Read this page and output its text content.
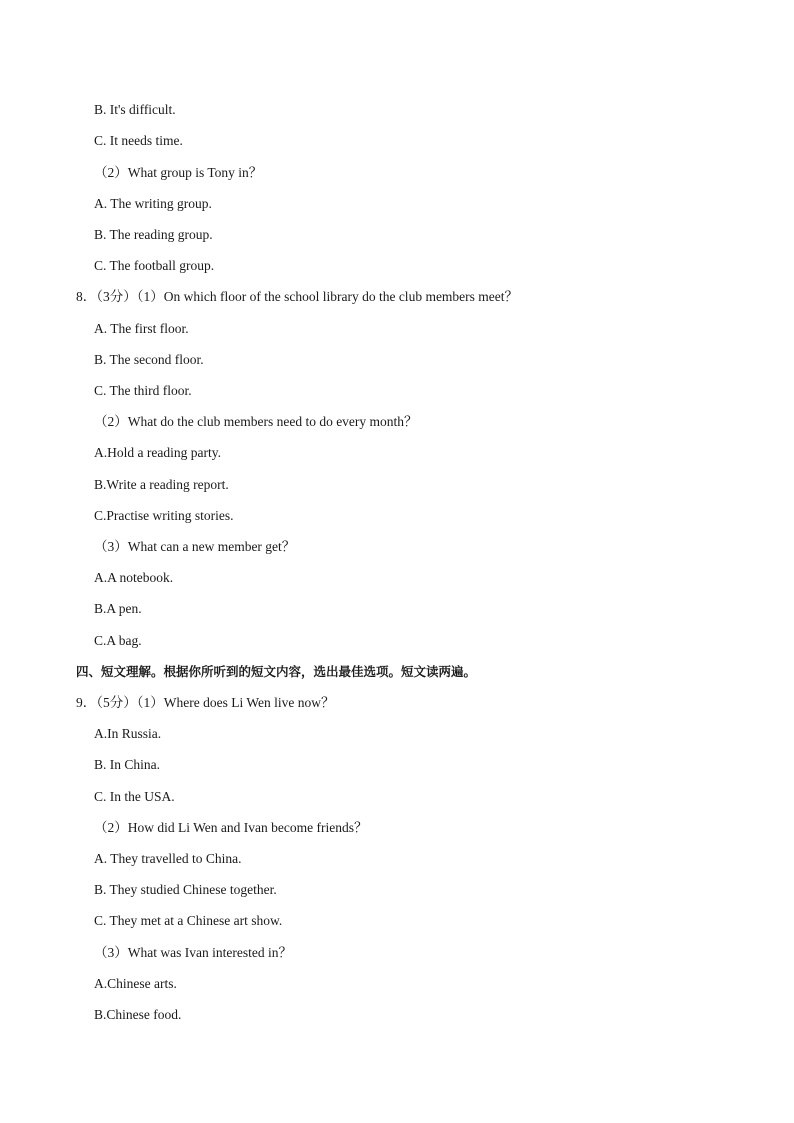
B. It's difficult.
C. It needs time.
（2）What group is Tony in？
A. The writing group.
B. The reading group.
C. The football group.
8．（3分）（1）On which floor of the school library do the club members meet？
A. The first floor.
B. The second floor.
C. The third floor.
（2）What do the club members need to do every month？
A.Hold a reading party.
B.Write a reading report.
C.Practise writing stories.
（3）What can a new member get？
A.A notebook.
B.A pen.
C.A bag.
四、短文理解。根据你所听到的短文内容，选出最佳选项。短文读两遍。
9．（5分）（1）Where does Li Wen live now？
A.In Russia.
B. In China.
C. In the USA.
（2）How did Li Wen and Ivan become friends？
A. They travelled to China.
B. They studied Chinese together.
C. They met at a Chinese art show.
（3）What was Ivan interested in？
A.Chinese arts.
B.Chinese food.
